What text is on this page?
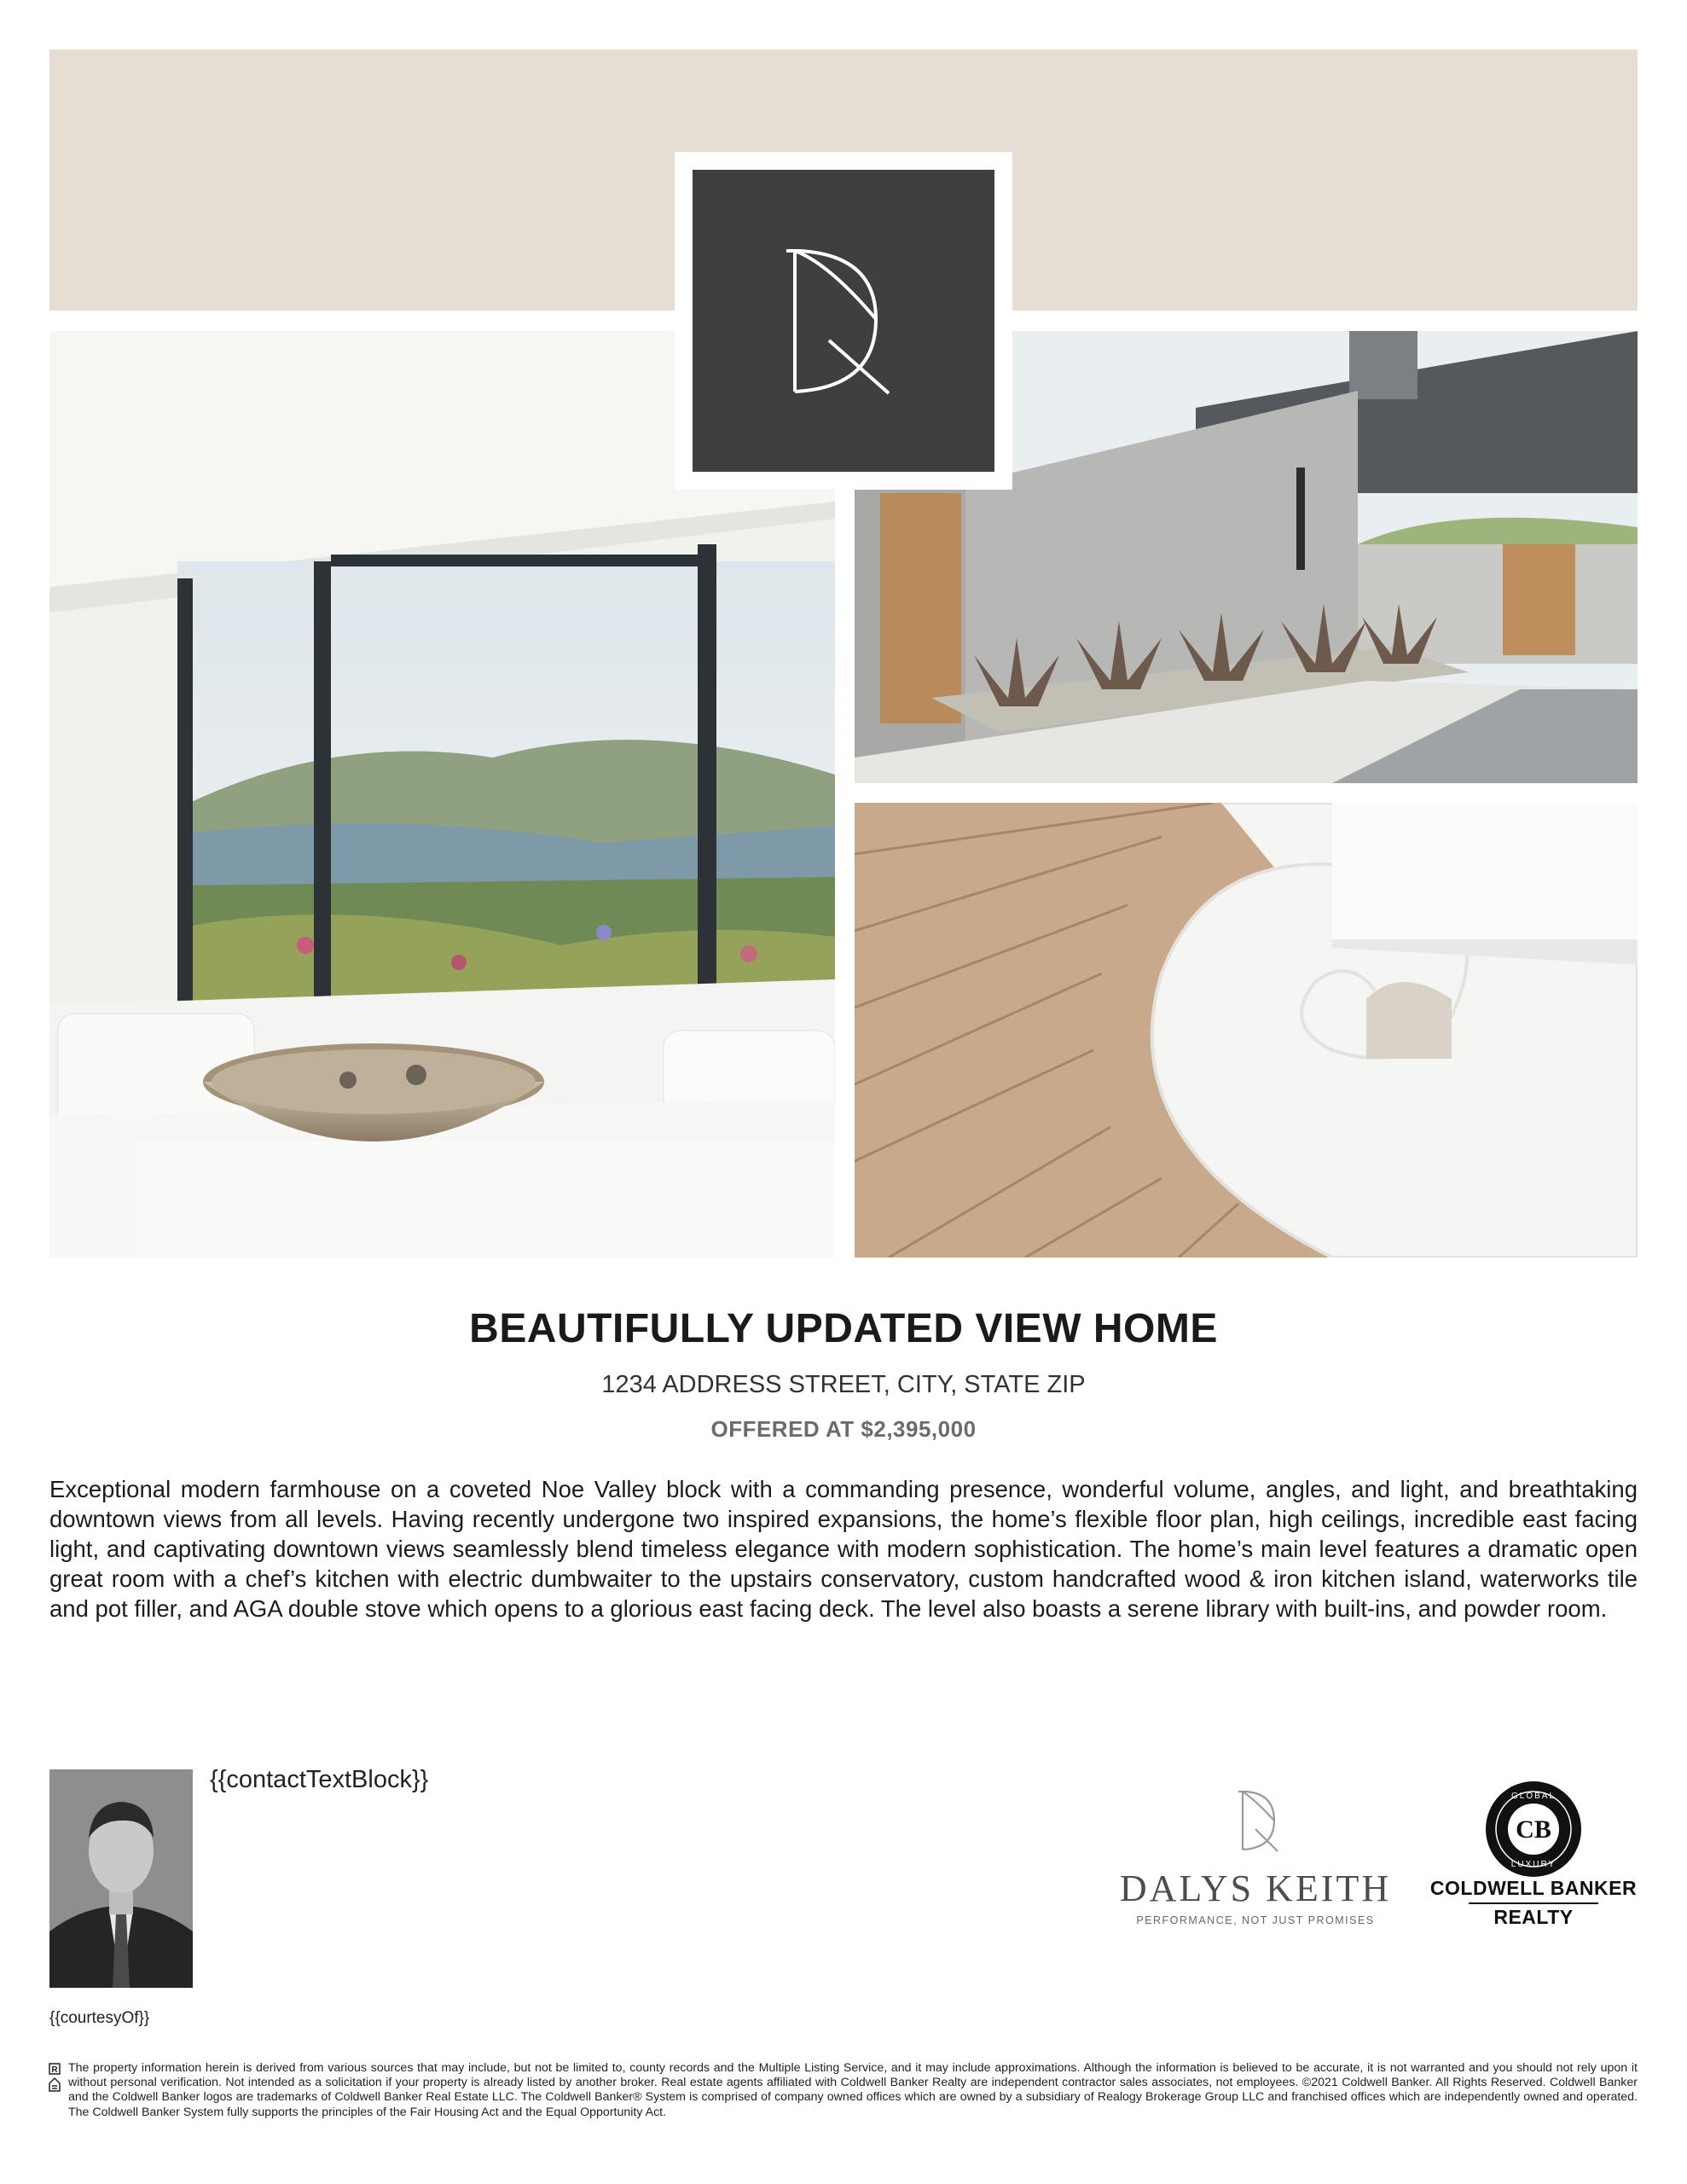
BEAUTIFULLY UPDATED VIEW HOME
1234 ADDRESS STREET, CITY, STATE ZIP
OFFERED AT $2,395,000
Exceptional modern farmhouse on a coveted Noe Valley block with a commanding presence, wonderful volume, angles, and light, and breathtaking downtown views from all levels. Having recently undergone two inspired expansions, the home’s flexible floor plan, high ceilings, incredible east facing light, and captivating downtown views seamlessly blend timeless elegance with modern sophistication. The home’s main level features a dramatic open great room with a chef’s kitchen with electric dumbwaiter to the upstairs conservatory, custom handcrafted wood & iron kitchen island, waterworks tile and pot filler, and AGA double stove which opens to a glorious east facing deck. The level also boasts a serene library with built-ins, and powder room.
{{contactTextBlock}}
{{courtesyOf}}
DALYS KEITH
PERFORMANCE, NOT JUST PROMISES
CB
GLOBAL
LUXURY
COLDWELL BANKER
REALTY
R The property information herein is derived from various sources that may include, but not be limited to, county records and the Multiple Listing Service, and it may include approximations. Although the information is believed to be accurate, it is not warranted and you should not rely upon it without personal verification. Not intended as a solicitation if your property is already listed by another broker. Real estate agents affiliated with Coldwell Banker Realty are independent contractor sales associates, not employees. ©2021 Coldwell Banker. All Rights Reserved. Coldwell Banker and the Coldwell Banker logos are trademarks of Coldwell Banker Real Estate LLC. The Coldwell Banker® System is comprised of company owned offices which are owned by a subsidiary of Realogy Brokerage Group LLC and franchised offices which are independently owned and operated. The Coldwell Banker System fully supports the principles of the Fair Housing Act and the Equal Opportunity Act.
